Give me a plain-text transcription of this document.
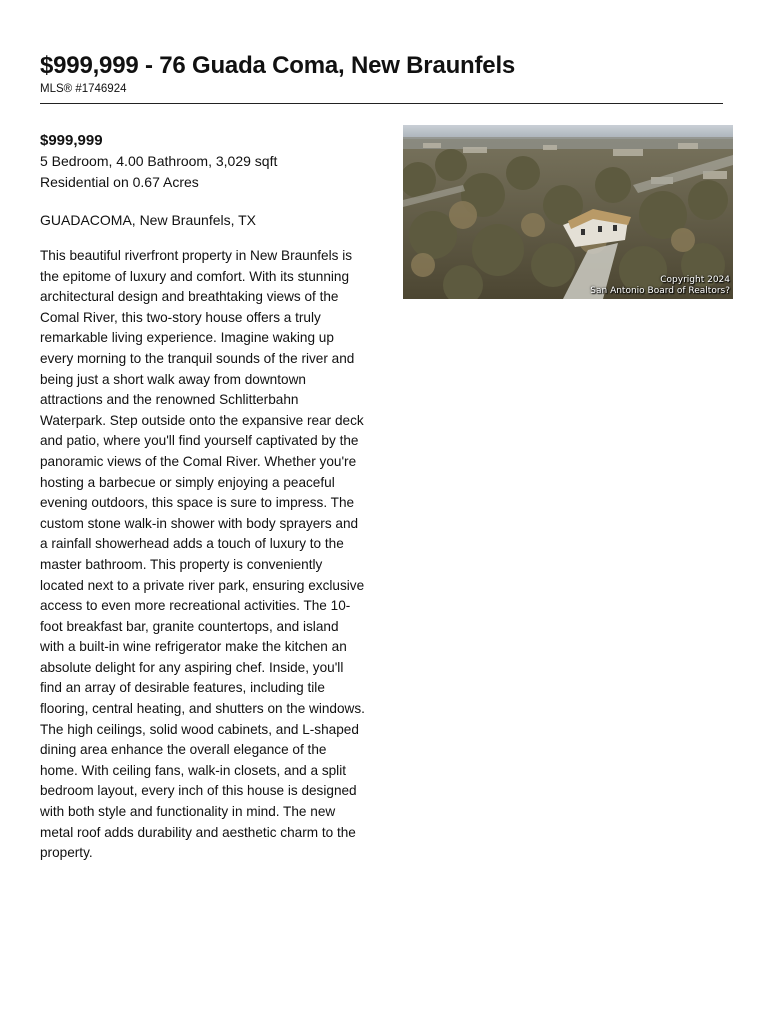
$999,999 - 76 Guada Coma, New Braunfels
MLS® #1746924
$999,999
5 Bedroom, 4.00 Bathroom, 3,029 sqft
Residential on 0.67 Acres
GUADACOMA, New Braunfels, TX
This beautiful riverfront property in New Braunfels is the epitome of luxury and comfort. With its stunning architectural design and breathtaking views of the Comal River, this two-story house offers a truly remarkable living experience. Imagine waking up every morning to the tranquil sounds of the river and being just a short walk away from downtown attractions and the renowned Schlitterbahn Waterpark. Step outside onto the expansive rear deck and patio, where you'll find yourself captivated by the panoramic views of the Comal River. Whether you're hosting a barbecue or simply enjoying a peaceful evening outdoors, this space is sure to impress. The custom stone walk-in shower with body sprayers and a rainfall showerhead adds a touch of luxury to the master bathroom. This property is conveniently located next to a private river park, ensuring exclusive access to even more recreational activities. The 10-foot breakfast bar, granite countertops, and island with a built-in wine refrigerator make the kitchen an absolute delight for any aspiring chef. Inside, you'll find an array of desirable features, including tile flooring, central heating, and shutters on the windows. The high ceilings, solid wood cabinets, and L-shaped dining area enhance the overall elegance of the home. With ceiling fans, walk-in closets, and a split bedroom layout, every inch of this house is designed with both style and functionality in mind. The new metal roof adds durability and aesthetic charm to the property.
Copyright 2024
San Antonio Board of Realtors?
